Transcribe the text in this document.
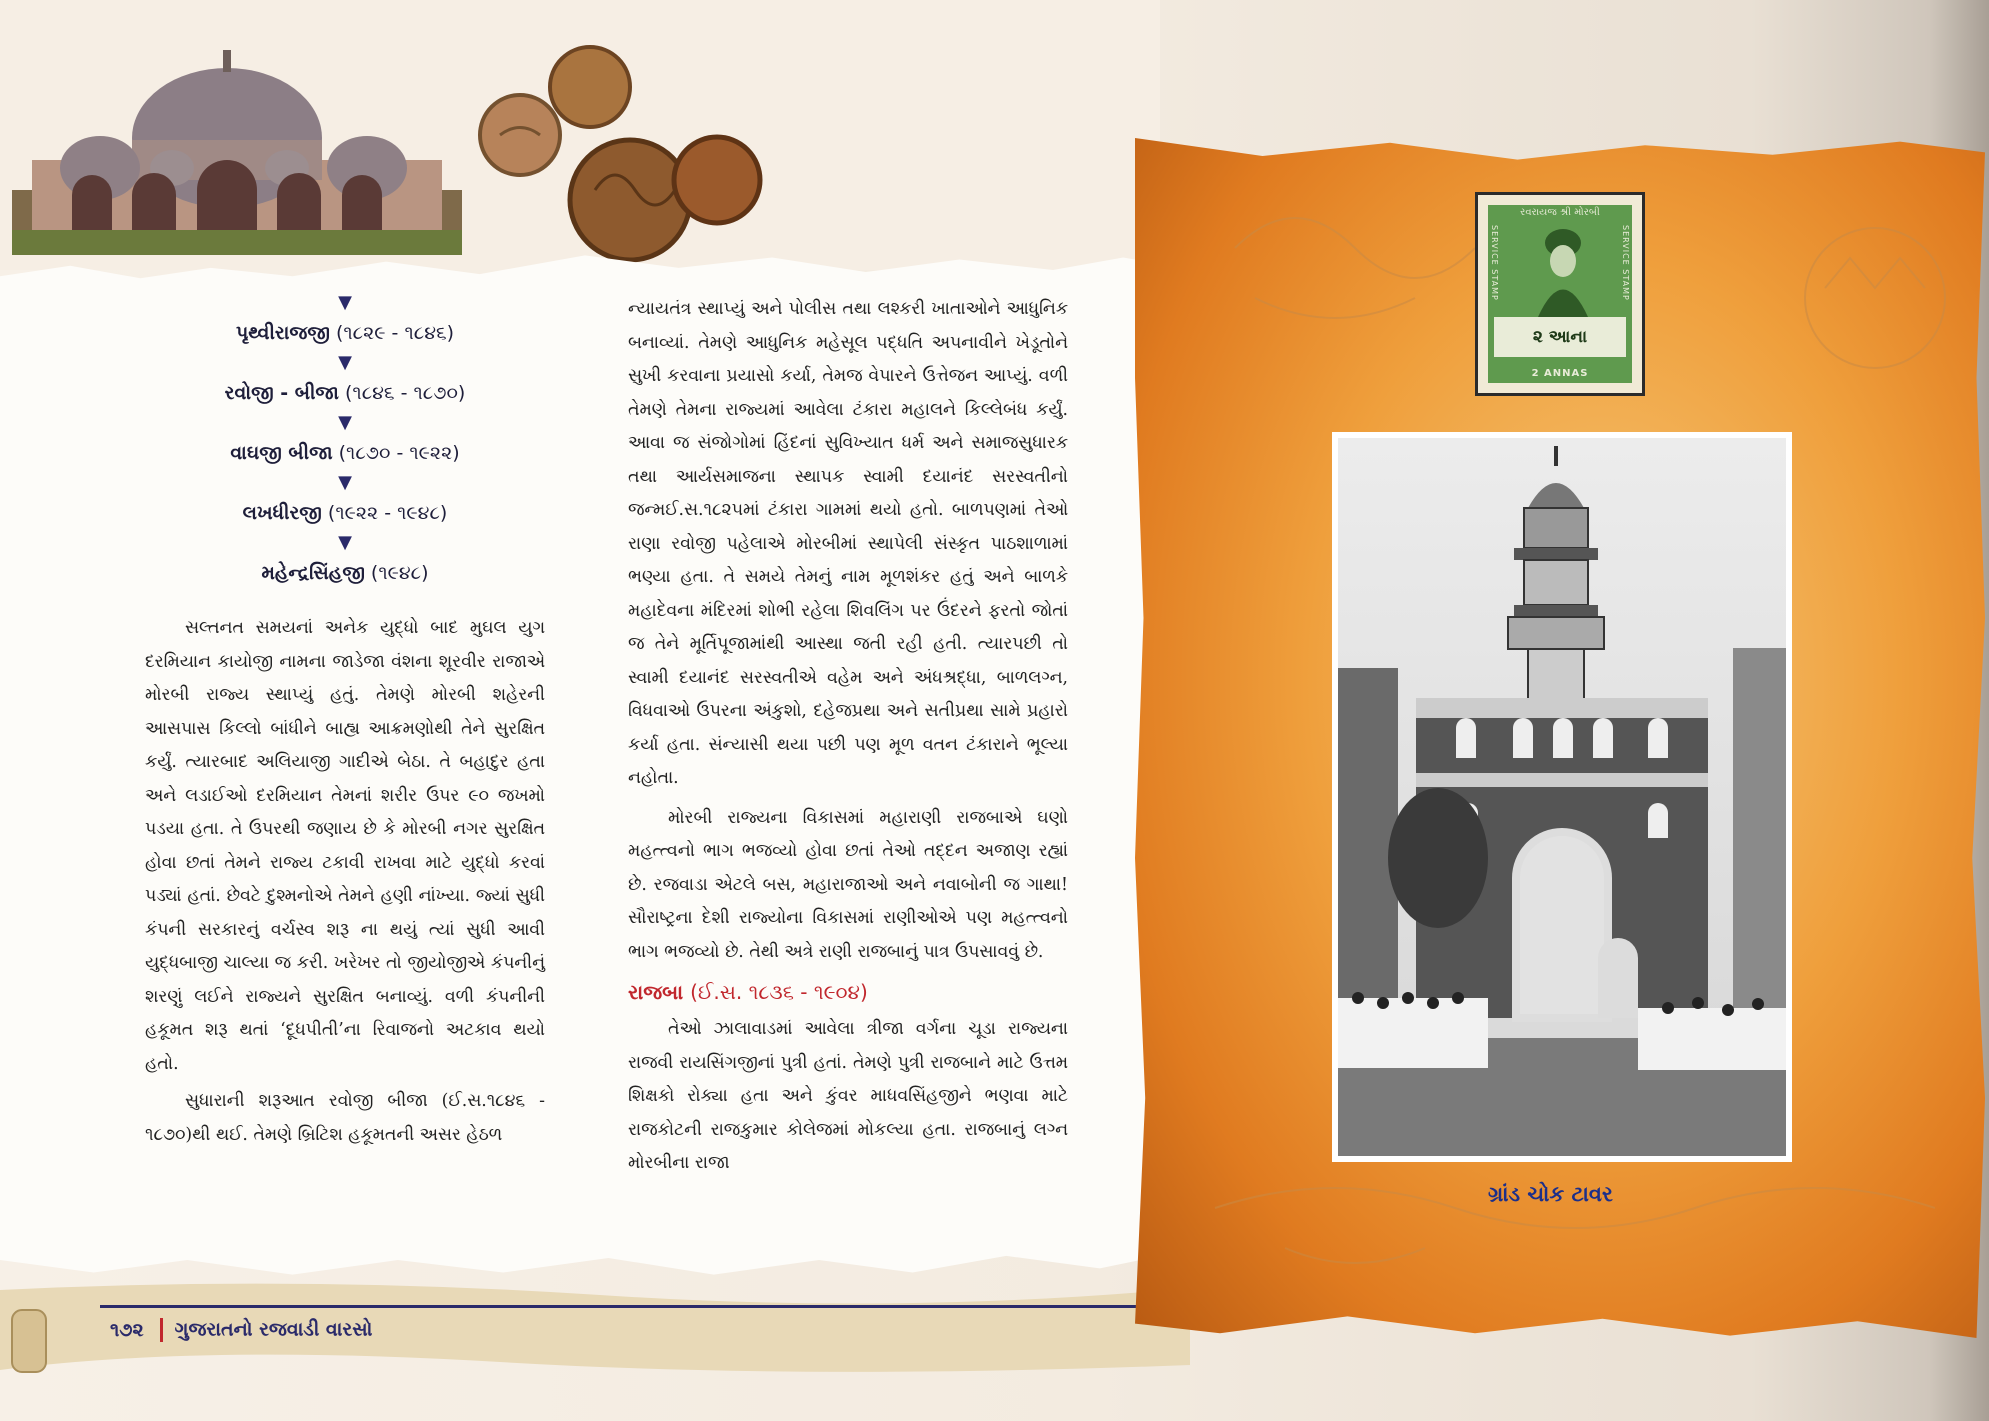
▼
પૃથ્વીરાજજી (૧૮૨૯ - ૧૮૪૬)
▼
રવોજી - બીજા (૧૮૪૬ - ૧૮૭૦)
▼
વાઘજી બીજા (૧૮૭૦ - ૧૯૨૨)
▼
લખધીરજી (૧૯૨૨ - ૧૯૪૮)
▼
મહેન્દ્રસિંહજી (૧૯૪૮)

સલ્તનત સમયનાં અનેક યુદ્ધો બાદ મુઘલ યુગ દરમિયાન કાયોજી નામના જાડેજા વંશના શૂરવીર રાજાએ મોરબી રાજ્ય સ્થાપ્યું હતું. તેમણે મોરબી શહેરની આસપાસ કિલ્લો બાંધીને બાહ્ય આક્રમણોથી તેને સુરક્ષિત કર્યું. ત્યારબાદ અલિયાજી ગાદીએ બેઠા. તે બહાદુર હતા અને લડાઈઓ દરમિયાન તેમનાં શરીર ઉપર ૯૦ જખમો પડયા હતા. તે ઉપરથી જણાય છે કે મોરબી નગર સુરક્ષિત હોવા છતાં તેમને રાજ્ય ટકાવી રાખવા માટે યુદ્ધો કરવાં પડ્યાં હતાં. છેવટે દુશ્મનોએ તેમને હણી નાંખ્યા. જ્યાં સુધી કંપની સરકારનું વર્ચસ્વ શરૂ ના થયું ત્યાં સુધી આવી યુદ્ધબાજી ચાલ્યા જ કરી. ખરેખર તો જીયોજીએ કંપનીનું શરણું લઈને રાજ્યને સુરક્ષિત બનાવ્યું. વળી કંપનીની હકૂમત શરૂ થતાં ‘દૂધપીતી’ના રિવાજનો અટકાવ થયો હતો.

સુધારાની શરૂઆત રવોજી બીજા (ઈ.સ.૧૮૪૬ - ૧૮૭૦)થી થઈ. તેમણે બ્રિટિશ હકૂમતની અસર હેઠળ

ન્યાયતંત્ર સ્થાપ્યું અને પોલીસ તથા લશ્કરી ખાતાઓને આધુનિક બનાવ્યાં. તેમણે આધુનિક મહેસૂલ પદ્ધતિ અપનાવીને ખેડૂતોને સુખી કરવાના પ્રયાસો કર્યા, તેમજ વેપારને ઉત્તેજન આપ્યું. વળી તેમણે તેમના રાજ્યમાં આવેલા ટંકારા મહાલને કિલ્લેબંધ કર્યું. આવા જ સંજોગોમાં હિંદનાં સુવિખ્યાત ધર્મ અને સમાજસુધારક તથા આર્યસમાજના સ્થાપક સ્વામી દયાનંદ સરસ્વતીનો જન્મઈ.સ.૧૮૨૫માં ટંકારા ગામમાં થયો હતો. બાળપણમાં તેઓ રાણા રવોજી પહેલાએ મોરબીમાં સ્થાપેલી સંસ્કૃત પાઠશાળામાં ભણ્યા હતા. તે સમયે તેમનું નામ મૂળશંકર હતું અને બાળકે મહાદેવના મંદિરમાં શોભી રહેલા શિવલિંગ પર ઉંદરને ફરતો જોતાં જ તેને મૂર્તિપૂજામાંથી આસ્થા જતી રહી હતી. ત્યારપછી તો સ્વામી દયાનંદ સરસ્વતીએ વહેમ અને અંધશ્રદ્ધા, બાળલગ્ન, વિધવાઓ ઉપરના અંકુશો, દહેજપ્રથા અને સતીપ્રથા સામે પ્રહારો કર્યા હતા. સંન્યાસી થયા પછી પણ મૂળ વતન ટંકારાને ભૂલ્યા નહોતા.

મોરબી રાજ્યના વિકાસમાં મહારાણી રાજબાએ ઘણો મહત્ત્વનો ભાગ ભજવ્યો હોવા છતાં તેઓ તદ્દન અજાણ રહ્યાં છે. રજવાડા એટલે બસ, મહારાજાઓ અને નવાબોની જ ગાથા! સૌરાષ્ટ્રના દેશી રાજ્યોના વિકાસમાં રાણીઓએ પણ મહત્ત્વનો ભાગ ભજવ્યો છે. તેથી અત્રે રાણી રાજબાનું પાત્ર ઉપસાવવું છે.

રાજબા (ઈ.સ. ૧૮૩૬ - ૧૯૦૪)

તેઓ ઝાલાવાડમાં આવેલા ત્રીજા વર્ગના ચૂડા રાજ્યના રાજવી રાયસિંગજીનાં પુત્રી હતાં. તેમણે પુત્રી રાજબાને માટે ઉત્તમ શિક્ષકો રોક્યા હતા અને કુંવર માધવસિંહજીને ભણવા માટે રાજકોટની રાજકુમાર કોલેજમાં મોકલ્યા હતા. રાજબાનું લગ્ન મોરબીના રાજા

૧૭૨ ગુજરાતનો રજવાડી વારસો
રવરાયજ શ્રી મોરબી
SERVICE STAMP	SERVICE STAMP
૨ આના
2 ANNAS
ગ્રાંડ ચોક ટાવર
